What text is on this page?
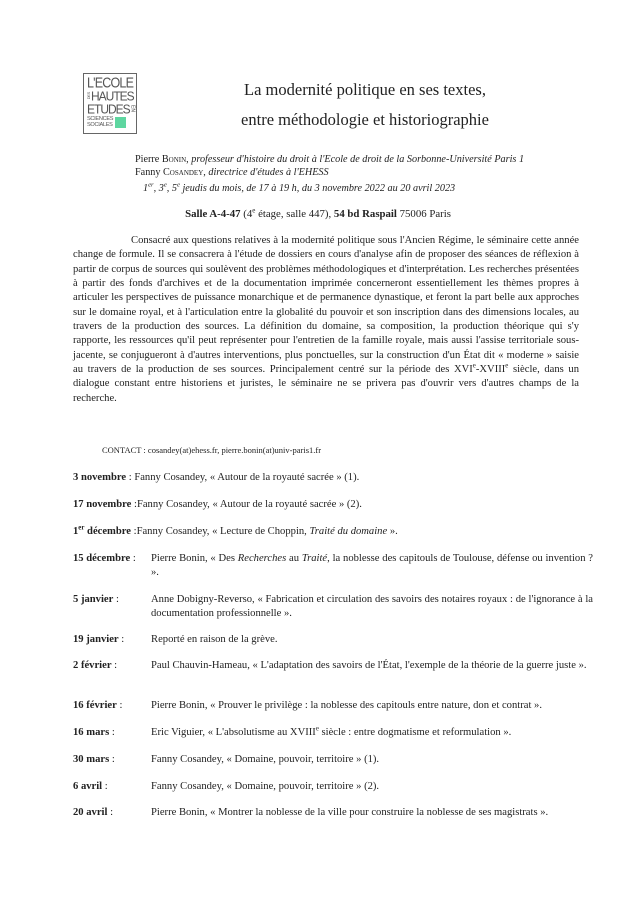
L'ECOLE
DES HAUTES
ETUDES EN
SCIENCES
SOCIALES
La modernité politique en ses textes,
entre méthodologie et historiographie
Pierre Bonin, professeur d'histoire du droit à l'Ecole de droit de la Sorbonne-Université Paris 1
Fanny Cosandey, directrice d'études à l'EHESS
1er, 3e, 5e jeudis du mois, de 17 à 19 h, du 3 novembre 2022 au 20 avril 2023
Salle A-4-47 (4e étage, salle 447), 54 bd Raspail 75006 Paris
Consacré aux questions relatives à la modernité politique sous l'Ancien Régime, le séminaire cette année change de formule. Il se consacrera à l'étude de dossiers en cours d'analyse afin de proposer des séances de réflexion à partir de corpus de sources qui soulèvent des problèmes méthodologiques et d'interprétation. Les recherches présentées à partir des fonds d'archives et de la documentation imprimée concerneront essentiellement les thèmes propres à articuler les perspectives de puissance monarchique et de permanence dynastique, et feront la part belle aux approches sur le domaine royal, et à l'articulation entre la globalité du pouvoir et son inscription dans des dimensions locales, au travers de la production des sources. La définition du domaine, sa composition, la production théorique qui s'y rapporte, les ressources qu'il peut représenter pour l'entretien de la famille royale, mais aussi l'assise territoriale sous-jacente, se conjugueront à d'autres interventions, plus ponctuelles, sur la construction d'un État dit « moderne » saisie au travers de la production de ses sources. Principalement centré sur la période des XVIe-XVIIIe siècle, dans un dialogue constant entre historiens et juristes, le séminaire ne se privera pas d'ouvrir vers d'autres champs de la recherche.
CONTACT : cosandey(at)ehess.fr, pierre.bonin(at)univ-paris1.fr
3 novembre : Fanny Cosandey, « Autour de la royauté sacrée » (1).
17 novembre :Fanny Cosandey, « Autour de la royauté sacrée » (2).
1er décembre :Fanny Cosandey, « Lecture de Choppin, Traité du domaine ».
15 décembre : Pierre Bonin, « Des Recherches au Traité, la noblesse des capitouls de Toulouse, défense ou invention ? ».
5 janvier :	Anne Dobigny-Reverso, « Fabrication et circulation des savoirs des notaires royaux : de l'ignorance à la documentation professionnelle ».
19 janvier :	Reporté en raison de la grève.
2 février :	Paul Chauvin-Hameau, « L'adaptation des savoirs de l'État, l'exemple de la théorie de la guerre juste ».
16 février :	Pierre Bonin, « Prouver le privilège : la noblesse des capitouls entre nature, don et contrat ».
16 mars :	Eric Viguier, « L'absolutisme au XVIIIe siècle : entre dogmatisme et reformulation ».
30 mars :	Fanny Cosandey, « Domaine, pouvoir, territoire » (1).
6 avril :	Fanny Cosandey, « Domaine, pouvoir, territoire » (2).
20 avril :	Pierre Bonin, « Montrer la noblesse de la ville pour construire la noblesse de ses magistrats ».
